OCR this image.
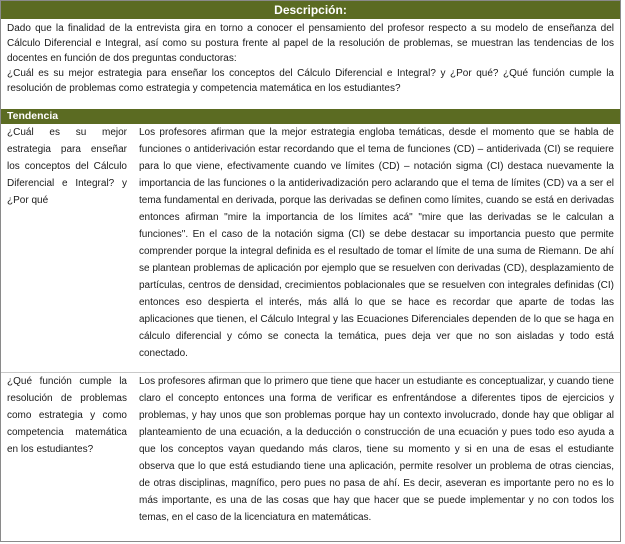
Descripción:
Dado que la finalidad de la entrevista gira en torno a conocer el pensamiento del profesor respecto a su modelo de enseñanza del Cálculo Diferencial e Integral, así como su postura frente al papel de la resolución de problemas, se muestran las tendencias de los docentes en función de dos preguntas conductoras:
¿Cuál es su mejor estrategia para enseñar los conceptos del Cálculo Diferencial e Integral? y ¿Por qué? ¿Qué función cumple la resolución de problemas como estrategia y competencia matemática en los estudiantes?
Tendencia
¿Cuál es su mejor estrategia para enseñar los conceptos del Cálculo Diferencial e Integral? y ¿Por qué
Los profesores afirman que la mejor estrategia engloba temáticas, desde el momento que se habla de funciones o antiderivación estar recordando que el tema de funciones (CD) – antiderivada (CI) se requiere para lo que viene, efectivamente cuando ve límites (CD) – notación sigma (CI) destaca nuevamente la importancia de las funciones o la antiderivadización pero aclarando que el tema de límites (CD) va a ser el tema fundamental en derivada, porque las derivadas se definen como límites, cuando se está en derivadas entonces afirman "mire la importancia de los límites acá" "mire que las derivadas se le calculan a funciones". En el caso de la notación sigma (CI) se debe destacar su importancia puesto que permite comprender porque la integral definida es el resultado de tomar el límite de una suma de Riemann. De ahí se plantean problemas de aplicación por ejemplo que se resuelven con derivadas (CD), desplazamiento de partículas, centros de densidad, crecimientos poblacionales que se resuelven con integrales definidas (CI) entonces eso despierta el interés, más allá lo que se hace es recordar que aparte de todas las aplicaciones que tienen, el Cálculo Integral y las Ecuaciones Diferenciales dependen de lo que se haga en cálculo diferencial y cómo se conecta la temática, pues deja ver que no son aisladas y todo está conectado.
¿Qué función cumple la resolución de problemas como estrategia y como competencia matemática en los estudiantes?
Los profesores afirman que lo primero que tiene que hacer un estudiante es conceptualizar, y cuando tiene claro el concepto entonces una forma de verificar es enfrentándose a diferentes tipos de ejercicios y problemas, y hay unos que son problemas porque hay un contexto involucrado, donde hay que obligar al planteamiento de una ecuación, a la deducción o construcción de una ecuación y pues todo eso ayuda a que los conceptos vayan quedando más claros, tiene su momento y si en una de esas el estudiante observa que lo que está estudiando tiene una aplicación, permite resolver un problema de otras ciencias, de otras disciplinas, magnífico, pero pues no pasa de ahí. Es decir, aseveran es importante pero no es lo más importante, es una de las cosas que hay que hacer que se puede implementar y no con todos los temas, en el caso de la licenciatura en matemáticas.
